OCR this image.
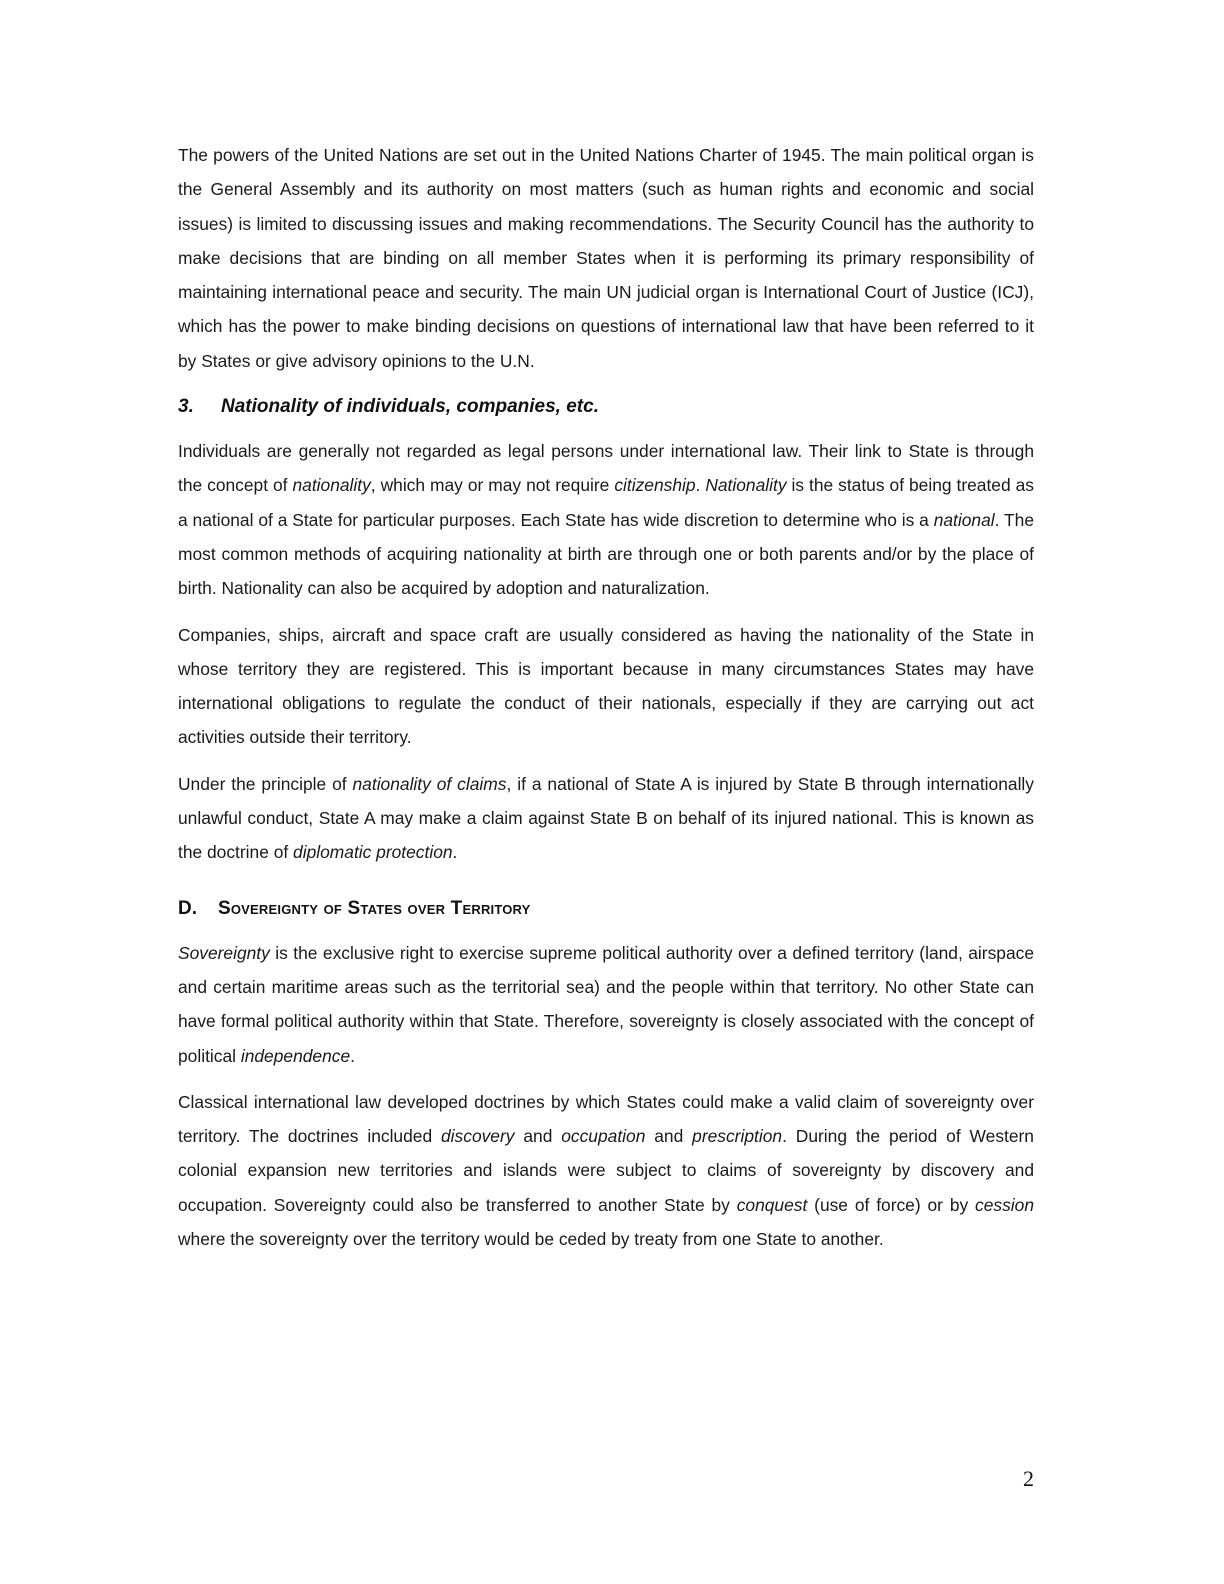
The powers of the United Nations are set out in the United Nations Charter of 1945. The main political organ is the General Assembly and its authority on most matters (such as human rights and economic and social issues) is limited to discussing issues and making recommendations. The Security Council has the authority to make decisions that are binding on all member States when it is performing its primary responsibility of maintaining international peace and security. The main UN judicial organ is International Court of Justice (ICJ), which has the power to make binding decisions on questions of international law that have been referred to it by States or give advisory opinions to the U.N.

3. Nationality of individuals, companies, etc.

Individuals are generally not regarded as legal persons under international law. Their link to State is through the concept of nationality, which may or may not require citizenship. Nationality is the status of being treated as a national of a State for particular purposes. Each State has wide discretion to determine who is a national. The most common methods of acquiring nationality at birth are through one or both parents and/or by the place of birth. Nationality can also be acquired by adoption and naturalization.

Companies, ships, aircraft and space craft are usually considered as having the nationality of the State in whose territory they are registered. This is important because in many circumstances States may have international obligations to regulate the conduct of their nationals, especially if they are carrying out act activities outside their territory.

Under the principle of nationality of claims, if a national of State A is injured by State B through internationally unlawful conduct, State A may make a claim against State B on behalf of its injured national. This is known as the doctrine of diplomatic protection.

D. Sovereignty of States over Territory

Sovereignty is the exclusive right to exercise supreme political authority over a defined territory (land, airspace and certain maritime areas such as the territorial sea) and the people within that territory. No other State can have formal political authority within that State. Therefore, sovereignty is closely associated with the concept of political independence.

Classical international law developed doctrines by which States could make a valid claim of sovereignty over territory. The doctrines included discovery and occupation and prescription. During the period of Western colonial expansion new territories and islands were subject to claims of sovereignty by discovery and occupation. Sovereignty could also be transferred to another State by conquest (use of force) or by cession where the sovereignty over the territory would be ceded by treaty from one State to another.

2
